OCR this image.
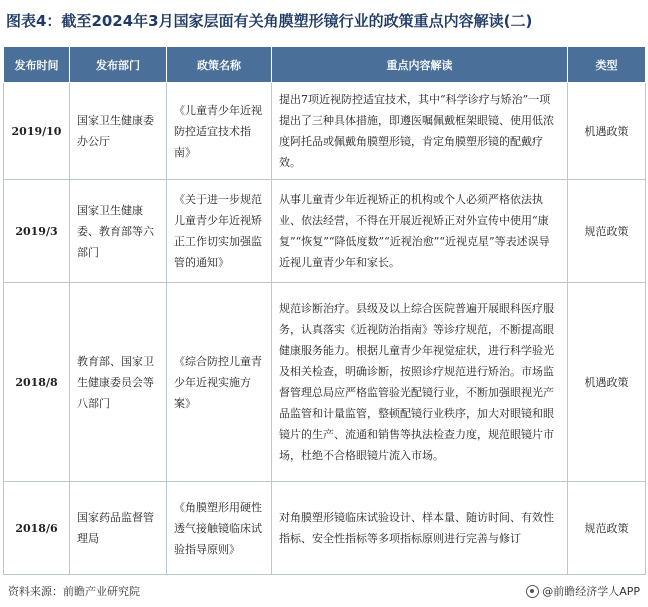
图表4：截至2024年3月国家层面有关角膜塑形镜行业的政策重点内容解读(二)
发布时间	发布部门	政策名称	重点内容解读	类型
2019/10	国家卫生健康委办公厅	《儿童青少年近视防控适宜技术指南》	提出7项近视防控适宜技术，其中“科学诊疗与矫治”一项提出了三种具体措施，即遵医嘱佩戴框架眼镜、使用低浓度阿托品或佩戴角膜塑形镜，肯定角膜塑形镜的配戴疗效。	机遇政策
2019/3	国家卫生健康委、教育部等六部门	《关于进一步规范儿童青少年近视矫正工作切实加强监管的通知》	从事儿童青少年近视矫正的机构或个人必须严格依法执业、依法经营，不得在开展近视矫正对外宣传中使用“康复”“恢复”“降低度数”“近视治愈”“近视克星”等表述误导近视儿童青少年和家长。	规范政策
2018/8	教育部、国家卫生健康委员会等八部门	《综合防控儿童青少年近视实施方案》	规范诊断治疗。县级及以上综合医院普遍开展眼科医疗服务，认真落实《近视防治指南》等诊疗规范，不断提高眼健康服务能力。根据儿童青少年视觉症状，进行科学验光及相关检查，明确诊断，按照诊疗规范进行矫治。市场监督管理总局应严格监管验光配镜行业，不断加强眼视光产品监管和计量监管，整顿配镜行业秩序，加大对眼镜和眼镜片的生产、流通和销售等执法检查力度，规范眼镜片市场，杜绝不合格眼镜片流入市场。	机遇政策
2018/6	国家药品监督管理局	《角膜塑形用硬性透气接触镜临床试验指导原则》	对角膜塑形镜临床试验设计、样本量、随访时间、有效性指标、安全性指标等多项指标原则进行完善与修订	规范政策
资料来源：前瞻产业研究院	@前瞻经济学人APP
